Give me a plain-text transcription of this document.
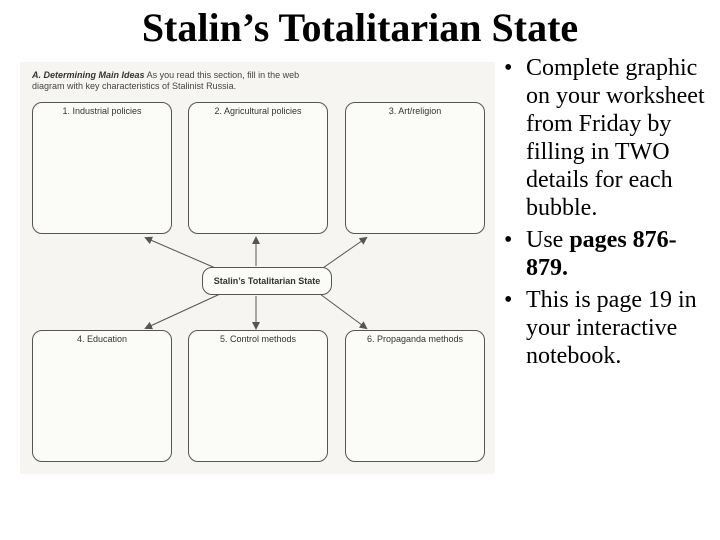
Stalin’s Totalitarian State
A. Determining Main Ideas As you read this section, fill in the web diagram with key characteristics of Stalinist Russia.
1. Industrial policies	2. Agricultural policies	3. Art/religion
Stalin’s Totalitarian State
4. Education	5. Control methods	6. Propaganda methods
• Complete graphic on your worksheet from Friday by filling in TWO details for each bubble.
• Use pages 876-879.
• This is page 19 in your interactive notebook.
